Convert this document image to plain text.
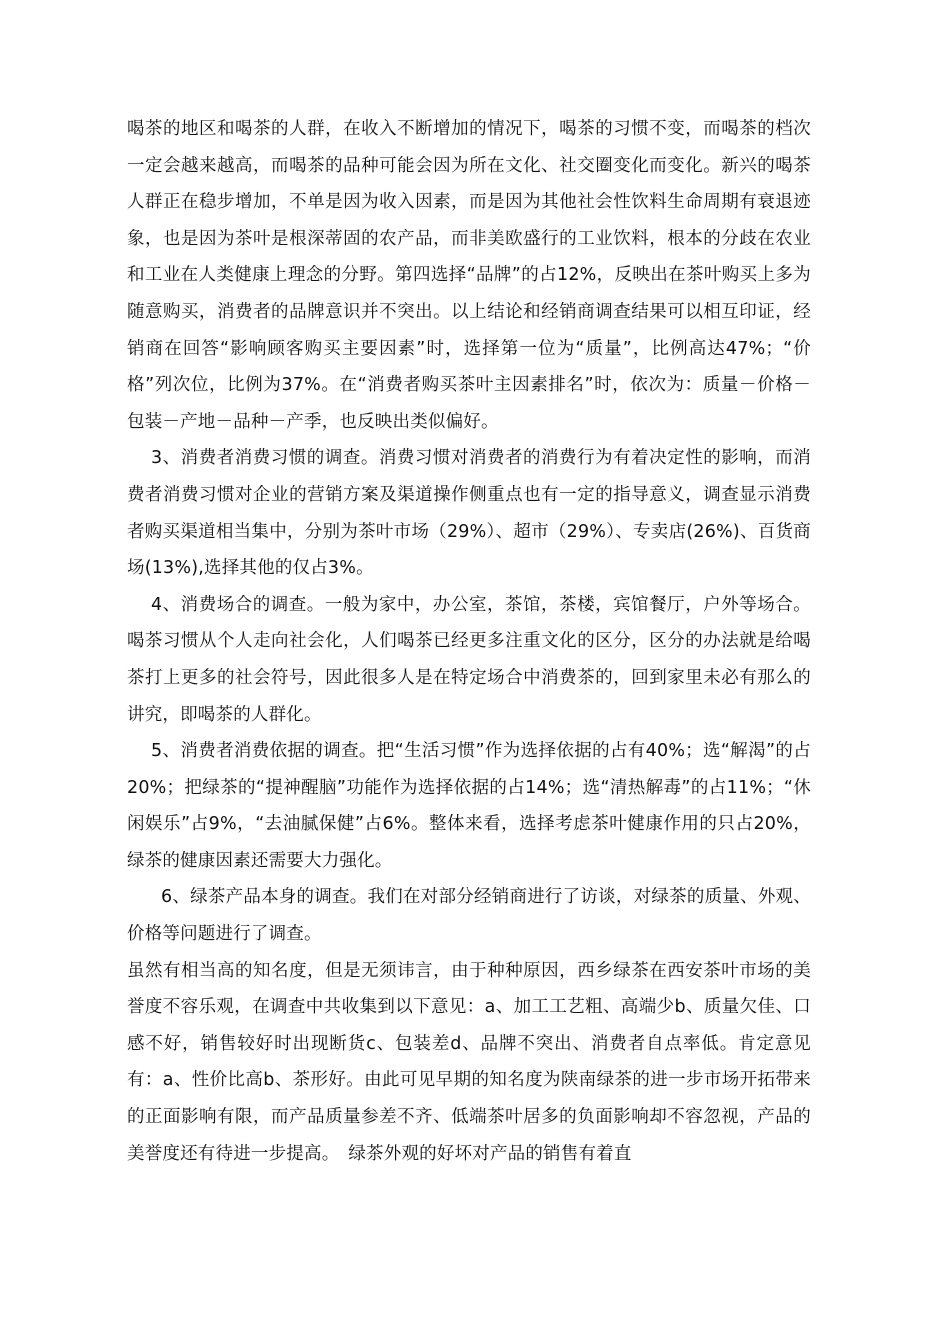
喝茶的地区和喝茶的人群，在收入不断增加的情况下，喝茶的习惯不变，而喝茶的档次一定会越来越高，而喝茶的品种可能会因为所在文化、社交圈变化而变化。新兴的喝茶人群正在稳步增加，不单是因为收入因素，而是因为其他社会性饮料生命周期有衰退迹象，也是因为茶叶是根深蒂固的农产品，而非美欧盛行的工业饮料，根本的分歧在农业和工业在人类健康上理念的分野。第四选择“品牌”的占12%，反映出在茶叶购买上多为随意购买，消费者的品牌意识并不突出。以上结论和经销商调查结果可以相互印证，经销商在回答“影响顾客购买主要因素”时，选择第一位为“质量”，比例高达47%；“价格”列次位，比例为37%。在“消费者购买茶叶主因素排名”时，依次为：质量－价格－包装－产地－品种－产季，也反映出类似偏好。

3、消费者消费习惯的调查。消费习惯对消费者的消费行为有着决定性的影响，而消费者消费习惯对企业的营销方案及渠道操作侧重点也有一定的指导意义，调查显示消费者购买渠道相当集中，分别为茶叶市场（29%）、超市（29%）、专卖店(26%)、百货商场(13%),选择其他的仅占3%。

4、消费场合的调查。一般为家中，办公室，茶馆，茶楼，宾馆餐厅，户外等场合。喝茶习惯从个人走向社会化，人们喝茶已经更多注重文化的区分，区分的办法就是给喝茶打上更多的社会符号，因此很多人是在特定场合中消费茶的，回到家里未必有那么的讲究，即喝茶的人群化。

5、消费者消费依据的调查。把“生活习惯”作为选择依据的占有40%；选“解渴”的占20%；把绿茶的“提神醒脑”功能作为选择依据的占14%；选“清热解毒”的占11%；“休闲娱乐”占9%，“去油腻保健”占6%。整体来看，选择考虑茶叶健康作用的只占20%，绿茶的健康因素还需要大力强化。

6、绿茶产品本身的调查。我们在对部分经销商进行了访谈，对绿茶的质量、外观、价格等问题进行了调查。

虽然有相当高的知名度，但是无须讳言，由于种种原因，西乡绿茶在西安茶叶市场的美誉度不容乐观，在调查中共收集到以下意见：a、加工工艺粗、高端少b、质量欠佳、口感不好，销售较好时出现断货c、包装差d、品牌不突出、消费者自点率低。肯定意见有：a、性价比高b、茶形好。由此可见早期的知名度为陕南绿茶的进一步市场开拓带来的正面影响有限，而产品质量参差不齐、低端茶叶居多的负面影响却不容忽视，产品的美誉度还有待进一步提高。　绿茶外观的好坏对产品的销售有着直
